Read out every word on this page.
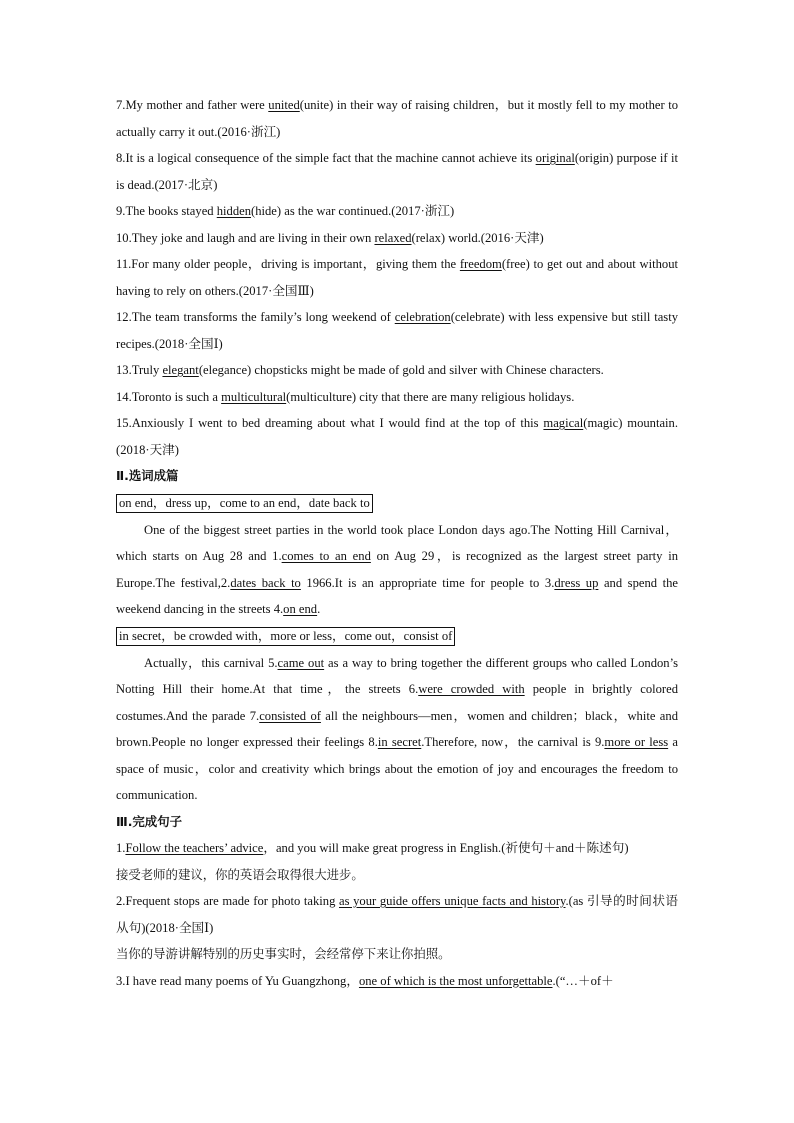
7.My mother and father were united(unite) in their way of raising children，but it mostly fell to my mother to actually carry it out.(2016·浙江)

8.It is a logical consequence of the simple fact that the machine cannot achieve its original(origin) purpose if it is dead.(2017·北京)

9.The books stayed hidden(hide) as the war continued.(2017·浙江)

10.They joke and laugh and are living in their own relaxed(relax) world.(2016·天津)

11.For many older people，driving is important，giving them the freedom(free) to get out and about without having to rely on others.(2017·全国Ⅲ)

12.The team transforms the family’s long weekend of celebration(celebrate) with less expensive but still tasty recipes.(2018·全国Ⅰ)

13.Truly elegant(elegance) chopsticks might be made of gold and silver with Chinese characters.

14.Toronto is such a multicultural(multiculture) city that there are many religious holidays.

15.Anxiously I went to bed dreaming about what I would find at the top of this magical(magic) mountain.(2018·天津)

Ⅱ.选词成篇

on end，dress up，come to an end，date back to

One of the biggest street parties in the world took place London days ago.The Notting Hill Carnival，which starts on Aug 28 and 1.comes to an end on Aug 29，is recognized as the largest street party in Europe.The festival,2.dates back to 1966.It is an appropriate time for people to 3.dress up and spend the weekend dancing in the streets 4.on end.

in secret，be crowded with，more or less，come out，consist of

Actually，this carnival 5.came out as a way to bring together the different groups who called London’s Notting Hill their home.At that time，the streets 6.were crowded with people in brightly colored costumes.And the parade 7.consisted of all the neighbours—men，women and children；black，white and brown.People no longer expressed their feelings 8.in secret.Therefore, now，the carnival is 9.more or less a space of music，color and creativity which brings about the emotion of joy and encourages the freedom to communication.

Ⅲ.完成句子

1.Follow the teachers’ advice，and you will make great progress in English.(祈使句＋and＋陈述句)

接受老师的建议，你的英语会取得很大进步。

2.Frequent stops are made for photo taking as your guide offers unique facts and history.(as 引导的时间状语从句)(2018·全国Ⅰ)

当你的导游讲解特别的历史事实时，会经常停下来让你拍照。

3.I have read many poems of Yu Guangzhong，one of which is the most unforgettable.(“…＋of＋
